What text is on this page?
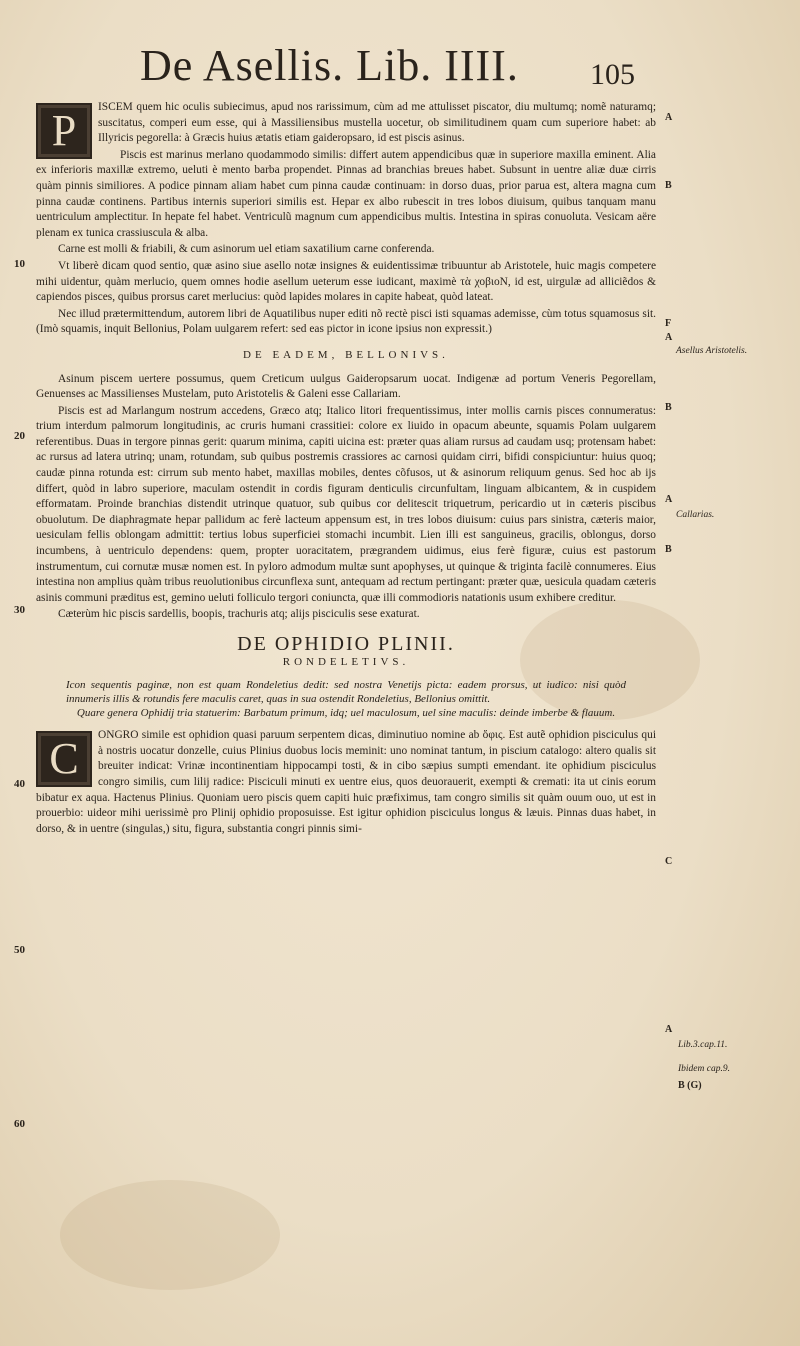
De Asellis. Lib. IIII. 105

P	ISCEM quem hic oculis subiecimus, apud nos rarissimum, cùm ad me attulisset piscator, diu multumq; nomẽ naturamq; suscitatus, comperi eum esse, qui à Massiliensibus mustella uocetur, ob similitudinem quam cum superiore habet: ab Illyricis pegorella: à Græcis huius ætatis etiam gaideropsaro, id est piscis asinus.

Piscis est marinus merlano quodammodo similis: differt autem appendicibus quæ in superiore maxilla eminent. Alia ex inferioris maxillæ extremo, ueluti è mento barba propendet. Pinnas ad branchias breues habet. Subsunt in uentre aliæ duæ cirris quàm pinnis similiores. A podice pinnam aliam habet cum pinna caudæ continuam: in dorso duas, prior parua est, altera magna cum pinna caudæ continens. Partibus internis superiori similis est. Hepar ex albo rubescit in tres lobos diuisum, quibus tanquam manu uentriculum amplectitur. In hepate fel habet. Ventriculũ magnum cum appendicibus multis. Intestina in spiras conuoluta. Vesicam aëre plenam ex tunica crassiuscula & alba.

Carne est molli & friabili, & cum asinorum uel etiam saxatilium carne conferenda.

Vt liberè dicam quod sentio, quæ asino siue asello notæ insignes & euidentissimæ tribuuntur ab Aristotele, huic magis competere mihi uidentur, quàm merlucio, quem omnes hodie asellum ueterum esse iudicant, maximè τὰ χοβιοΝ, id est, uirgulæ ad alliciẽdos & capiendos pisces, quibus prorsus caret merlucius: quòd lapides molares in capite habeat, quòd lateat.

Nec illud prætermittendum, autorem libri de Aquatilibus nuper editi nõ rectè pisci isti squamas ademisse, cùm totus squamosus sit. (Imò squamis, inquit Bellonius, Polam uulgarem refert: sed eas pictor in icone ipsius non expressit.)

DE EADEM, BELLONIVS.

Asinum piscem uertere possumus, quem Creticum uulgus Gaideropsarum uocat. Indigenæ ad portum Veneris Pegorellam, Genuenses ac Massilienses Mustelam, puto Aristotelis & Galeni esse Callariam.

Piscis est ad Marlangum nostrum accedens, Græco atq; Italico litori frequentissimus, inter mollis carnis pisces connumeratus: trium interdum palmorum longitudinis, ac cruris humani crassitiei: colore ex liuido in opacum abeunte, squamis Polam uulgarem referentibus. Duas in tergore pinnas gerit: quarum minima, capiti uicina est: præter quas aliam rursus ad caudam usq; protensam habet: ac rursus ad latera utrinq; unam, rotundam, sub quibus postremis crassiores ac carnosi quidam cirri, bifidi conspiciuntur: huius quoq; caudæ pinna rotunda est: cirrum sub mento habet, maxillas mobiles, dentes cõfusos, ut & asinorum reliquum genus. Sed hoc ab ijs differt, quòd in labro superiore, maculam ostendit in cordis figuram denticulis circunfultam, linguam albicantem, & in cuspidem efformatam. Proinde branchias distendit utrinque quatuor, sub quibus cor delitescit triquetrum, pericardio ut in cæteris piscibus obuolutum. De diaphragmate hepar pallidum ac ferè lacteum appensum est, in tres lobos diuisum: cuius pars sinistra, cæteris maior, uesiculam fellis oblongam admittit: tertius lobus superficiei stomachi incumbit. Lien illi est sanguineus, gracilis, oblongus, dorso incumbens, à uentriculo dependens: quem, propter uoracitatem, prægrandem uidimus, eius ferè figuræ, cuius est pastorum instrumentum, cui cornutæ musæ nomen est. In pyloro admodum multæ sunt apophyses, ut quinque & triginta facilè connumeres. Eius intestina non amplius quàm tribus reuolutionibus circunflexa sunt, antequam ad rectum pertingant: præter quæ, uesicula quadam cæteris asinis communi præditus est, gemino ueluti folliculo tergori coniuncta, quæ illi commodioris natationis usum exhibere creditur.

Cæterùm hic piscis sardellis, boopis, trachuris atq; alijs pisciculis sese exaturat.

DE OPHIDIO PLINII.
RONDELETIVS.
Icon sequentis paginæ, non est quam Rondeletius dedit: sed nostra Venetijs picta: eadem prorsus, ut iudico: nisi quòd innumeris illis & rotundis fere maculis caret, quas in sua ostendit Rondeletius, Bellonius omittit.
Quare genera Ophidij tria statuerim: Barbatum primum, idq; uel maculosum, uel sine maculis: deinde imberbe & flauum.

C	ONGRO simile est ophidion quasi paruum serpentem dicas, diminutiuo nomine ab ὄφις. Est autẽ ophidion pisciculus qui à nostris uocatur donzelle, cuius Plinius duobus locis meminit: uno nominat tantum, in piscium catalogo: altero qualis sit breuiter indicat: Vrinæ incontinentiam hippocampi tosti, & in cibo sæpius sumpti emendant. ite ophidium pisciculus congro similis, cum lilij radice: Pisciculi minuti ex uentre eius, quos deuorauerit, exempti & cremati: ita ut cinis eorum bibatur ex aqua. Hactenus Plinius. Quoniam uero piscis quem capiti huic præfiximus, tam congro similis sit quàm ouum ouo, ut est in prouerbio: uideor mihi uerissimè pro Plinij ophidio proposuisse. Est igitur ophidion pisciculus longus & læuis. Pinnas duas habet, in dorso, & in uentre (singulas,) situ, figura, substantia congri pinnis simi-

A
B
F
A
Asellus Aristotelis.
B
A
Callarias.
B
C
A
Lib.3.cap.11.
Ibidem cap.9.
B (G)
10
20
30
40
50
60
